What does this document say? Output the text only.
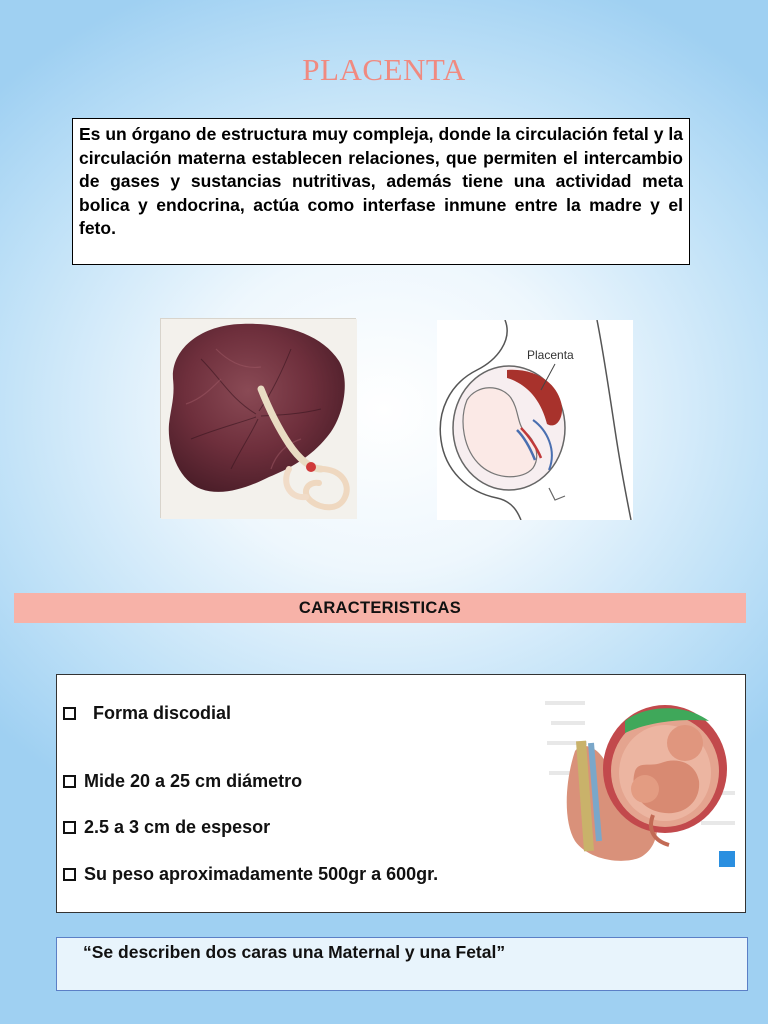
PLACENTA
Es un órgano de estructura muy compleja, donde la circulación fetal y la circulación materna establecen relaciones, que permiten el intercambio de gases y sustancias nutritivas, además tiene una actividad meta bolica y endocrina, actúa como interfase inmune entre la madre y el feto.
Placenta
CARACTERISTICAS
Forma discodial
Mide 20 a 25 cm diámetro
2.5 a 3 cm de espesor
Su peso aproximadamente 500gr a 600gr.
“Se describen dos caras una Maternal y una Fetal”
